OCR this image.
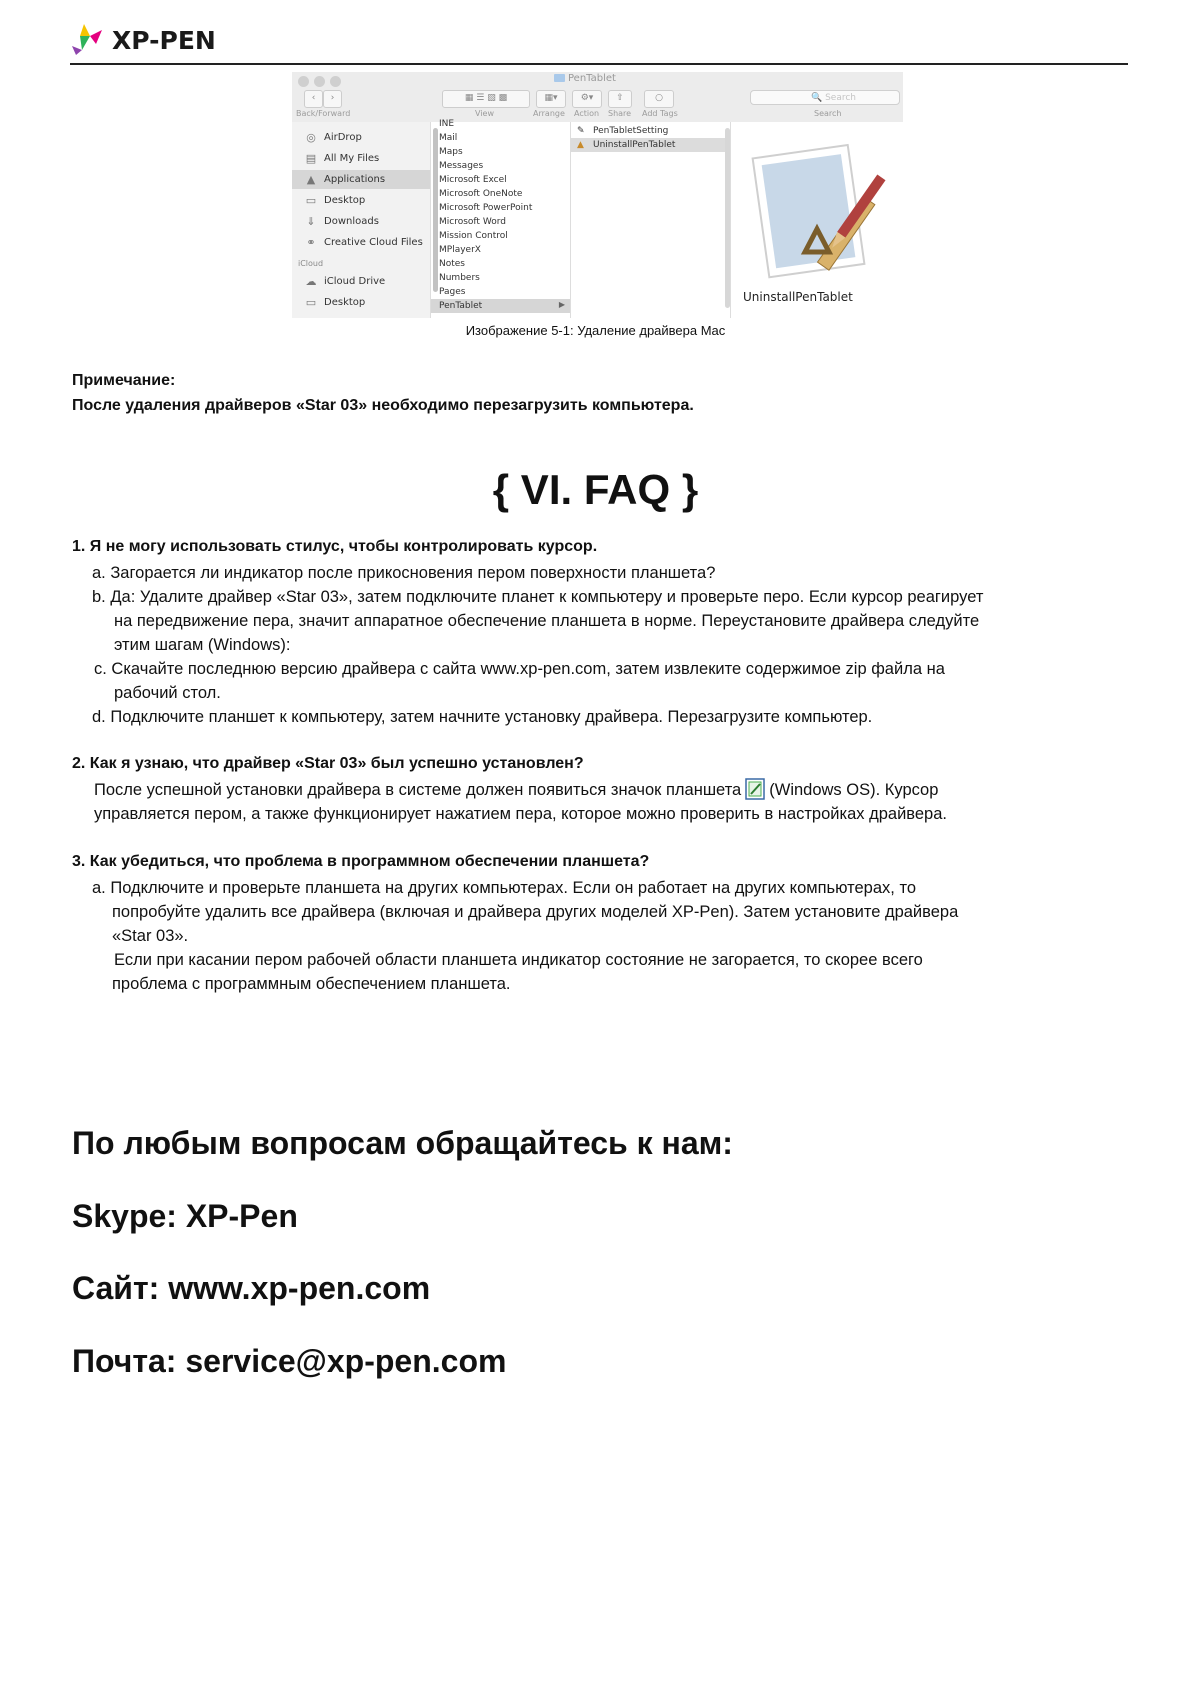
XP-PEN
PenTablet
‹	›
Back/Forward
▦ ☰ ▧ ▩
View
▦▾
Arrange
⚙▾
Action
⇧
Share
○
Add Tags
🔍 Search
Search
◎ AirDrop
▤ All My Files
▲ Applications
▭ Desktop
⇓ Downloads
⚭ Creative Cloud Files
iCloud
☁ iCloud Drive
▭ Desktop
INE
Mail
Maps
Messages
Microsoft Excel
Microsoft OneNote
Microsoft PowerPoint
Microsoft Word
Mission Control
MPlayerX
Notes
Numbers
Pages
PenTablet	▶
✎ PenTabletSetting
▲ UninstallPenTablet
UninstallPenTablet
Изображение 5-1: Удаление драйвера Mac
Примечание:
После удаления драйверов «Star 03» необходимо перезагрузить компьютера.
{ VI. FAQ }
1. Я не могу использовать стилус, чтобы контролировать курсор.
a. Загорается ли индикатор после прикосновения пером поверхности планшета?
b. Да: Удалите драйвер «Star 03», затем подключите планет к компьютеру и проверьте перо. Если курсор реагирует
на передвижение пера, значит аппаратное обеспечение планшета в норме. Переустановите драйвера следуйте
этим шагам (Windows):
c. Скачайте последнюю версию драйвера с сайта www.xp-pen.com, затем извлеките содержимое zip файла на
рабочий стол.
d. Подключите планшет к компьютеру, затем начните установку драйвера. Перезагрузите компьютер.
2. Как я узнаю, что драйвер «Star 03» был успешно установлен?
После успешной установки драйвера в системе должен появиться значок планшета (Windows OS). Курсор
управляется пером, а также функционирует нажатием пера, которое можно проверить в настройках драйвера.
3. Как убедиться, что проблема в программном обеспечении планшета?
a. Подключите и проверьте планшета на других компьютерах. Если он работает на других компьютерах, то
попробуйте удалить все драйвера (включая и драйвера других моделей XP-Pen). Затем установите драйвера
«Star 03».
Если при касании пером рабочей области планшета индикатор состояние не загорается, то скорее всего
проблема с программным обеспечением планшета.
По любым вопросам обращайтесь к нам:
Skype: XP-Pen
Сайт: www.xp-pen.com
Почта: service@xp-pen.com
